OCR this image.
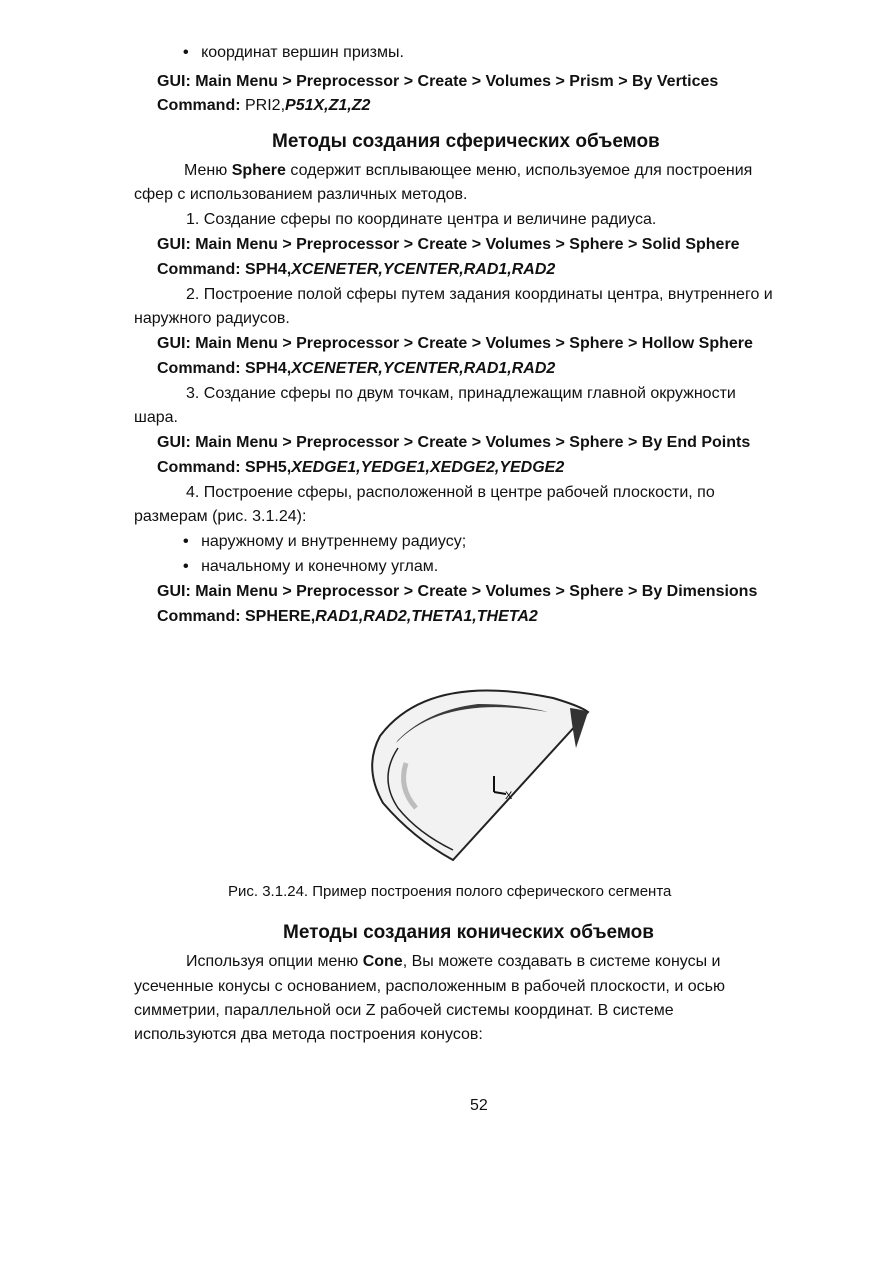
• координат вершин призмы.
GUI: Main Menu > Preprocessor > Create > Volumes > Prism > By Vertices
Command: PRI2,P51X,Z1,Z2
Методы создания сферических объемов
Меню Sphere содержит всплывающее меню, используемое для построения
сфер с использованием различных методов.
1. Создание сферы по координате центра и величине радиуса.
GUI: Main Menu > Preprocessor > Create > Volumes > Sphere > Solid Sphere
Command: SPH4,XCENETER,YCENTER,RAD1,RAD2
2. Построение полой сферы путем задания координаты центра, внутреннего и
наружного радиусов.
GUI: Main Menu > Preprocessor > Create > Volumes > Sphere > Hollow Sphere
Command: SPH4,XCENETER,YCENTER,RAD1,RAD2
3. Создание сферы по двум точкам, принадлежащим главной окружности
шара.
GUI: Main Menu > Preprocessor > Create > Volumes > Sphere > By End Points
Command: SPH5,XEDGE1,YEDGE1,XEDGE2,YEDGE2
4. Построение сферы, расположенной в центре рабочей плоскости, по
размерам (рис. 3.1.24):
• наружному и внутреннему радиусу;
• начальному и конечному углам.
GUI: Main Menu > Preprocessor > Create > Volumes > Sphere > By Dimensions
Command: SPHERE,RAD1,RAD2,THETA1,THETA2
X
Рис. 3.1.24. Пример построения полого сферического сегмента
Методы создания конических объемов
Используя опции меню Cone, Вы можете создавать в системе конусы и
усеченные конусы с основанием, расположенным в рабочей плоскости, и осью
симметрии, параллельной оси Z рабочей системы координат. В системе
используются два метода построения конусов:
52
